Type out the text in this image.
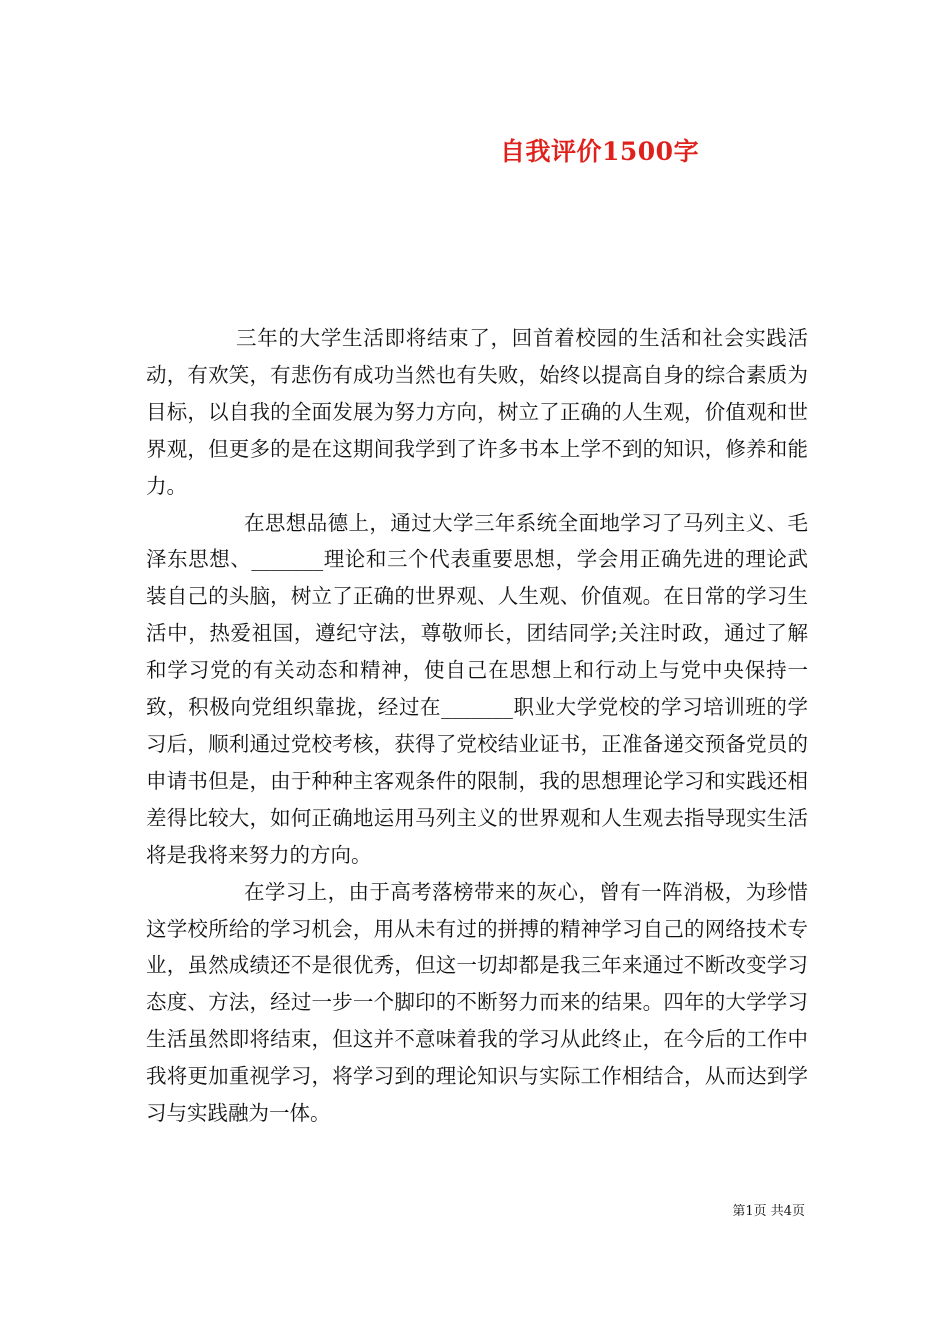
自我评价1500字

三年的大学生活即将结束了，回首着校园的生活和社会实践活动，有欢笑，有悲伤有成功当然也有失败，始终以提高自身的综合素质为目标，以自我的全面发展为努力方向，树立了正确的人生观，价值观和世界观，但更多的是在这期间我学到了许多书本上学不到的知识，修养和能力。

在思想品德上，通过大学三年系统全面地学习了马列主义、毛泽东思想、_______理论和三个代表重要思想，学会用正确先进的理论武装自己的头脑，树立了正确的世界观、人生观、价值观。在日常的学习生活中，热爱祖国，遵纪守法，尊敬师长，团结同学;关注时政，通过了解和学习党的有关动态和精神，使自己在思想上和行动上与党中央保持一致，积极向党组织靠拢，经过在_______职业大学党校的学习培训班的学习后，顺利通过党校考核，获得了党校结业证书，正准备递交预备党员的申请书但是，由于种种主客观条件的限制，我的思想理论学习和实践还相差得比较大，如何正确地运用马列主义的世界观和人生观去指导现实生活将是我将来努力的方向。

在学习上，由于高考落榜带来的灰心，曾有一阵消极，为珍惜这学校所给的学习机会，用从未有过的拼搏的精神学习自己的网络技术专业，虽然成绩还不是很优秀，但这一切却都是我三年来通过不断改变学习态度、方法，经过一步一个脚印的不断努力而来的结果。四年的大学学习生活虽然即将结束，但这并不意味着我的学习从此终止，在今后的工作中我将更加重视学习，将学习到的理论知识与实际工作相结合，从而达到学习与实践融为一体。

第1页 共4页
